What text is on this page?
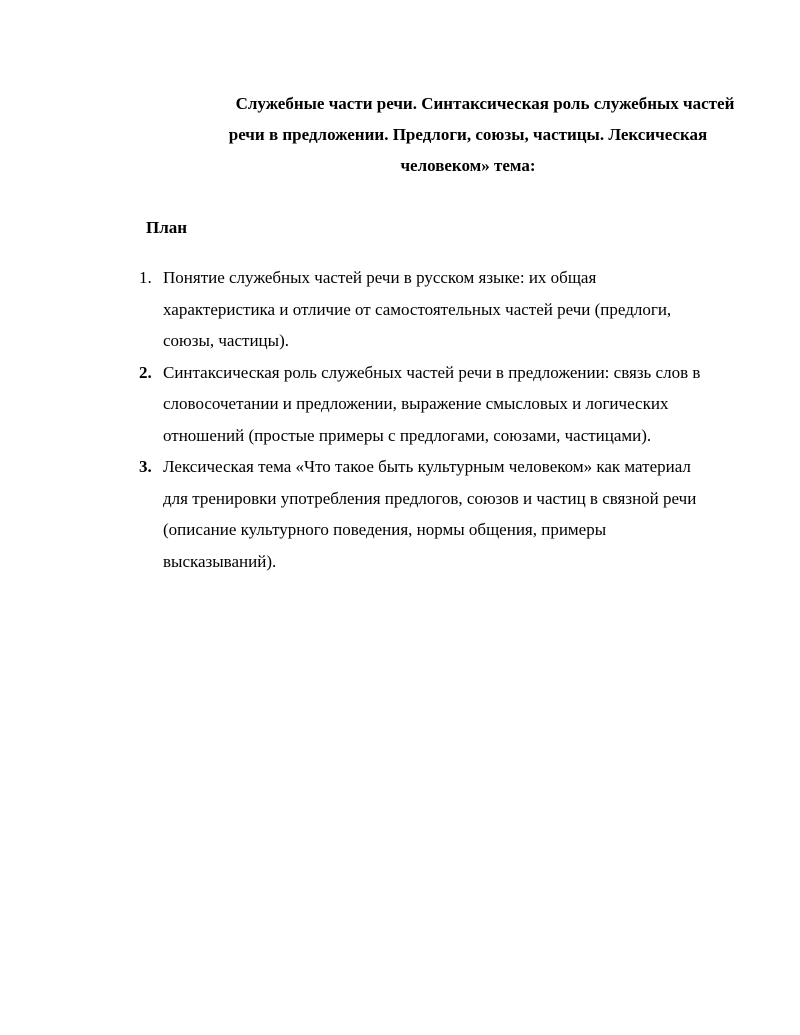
Служебные части речи. Синтаксическая роль служебных частей
речи в предложении. Предлоги, союзы, частицы. Лексическая
человеком» тема:
План
1. Понятие служебных частей речи в русском языке: их общая
характеристика и отличие от самостоятельных частей речи (предлоги,
союзы, частицы).
2. Синтаксическая роль служебных частей речи в предложении: связь слов в
словосочетании и предложении, выражение смысловых и логических
отношений (простые примеры с предлогами, союзами, частицами).
3. Лексическая тема «Что такое быть культурным человеком» как материал
для тренировки употребления предлогов, союзов и частиц в связной речи
(описание культурного поведения, нормы общения, примеры
высказываний).
